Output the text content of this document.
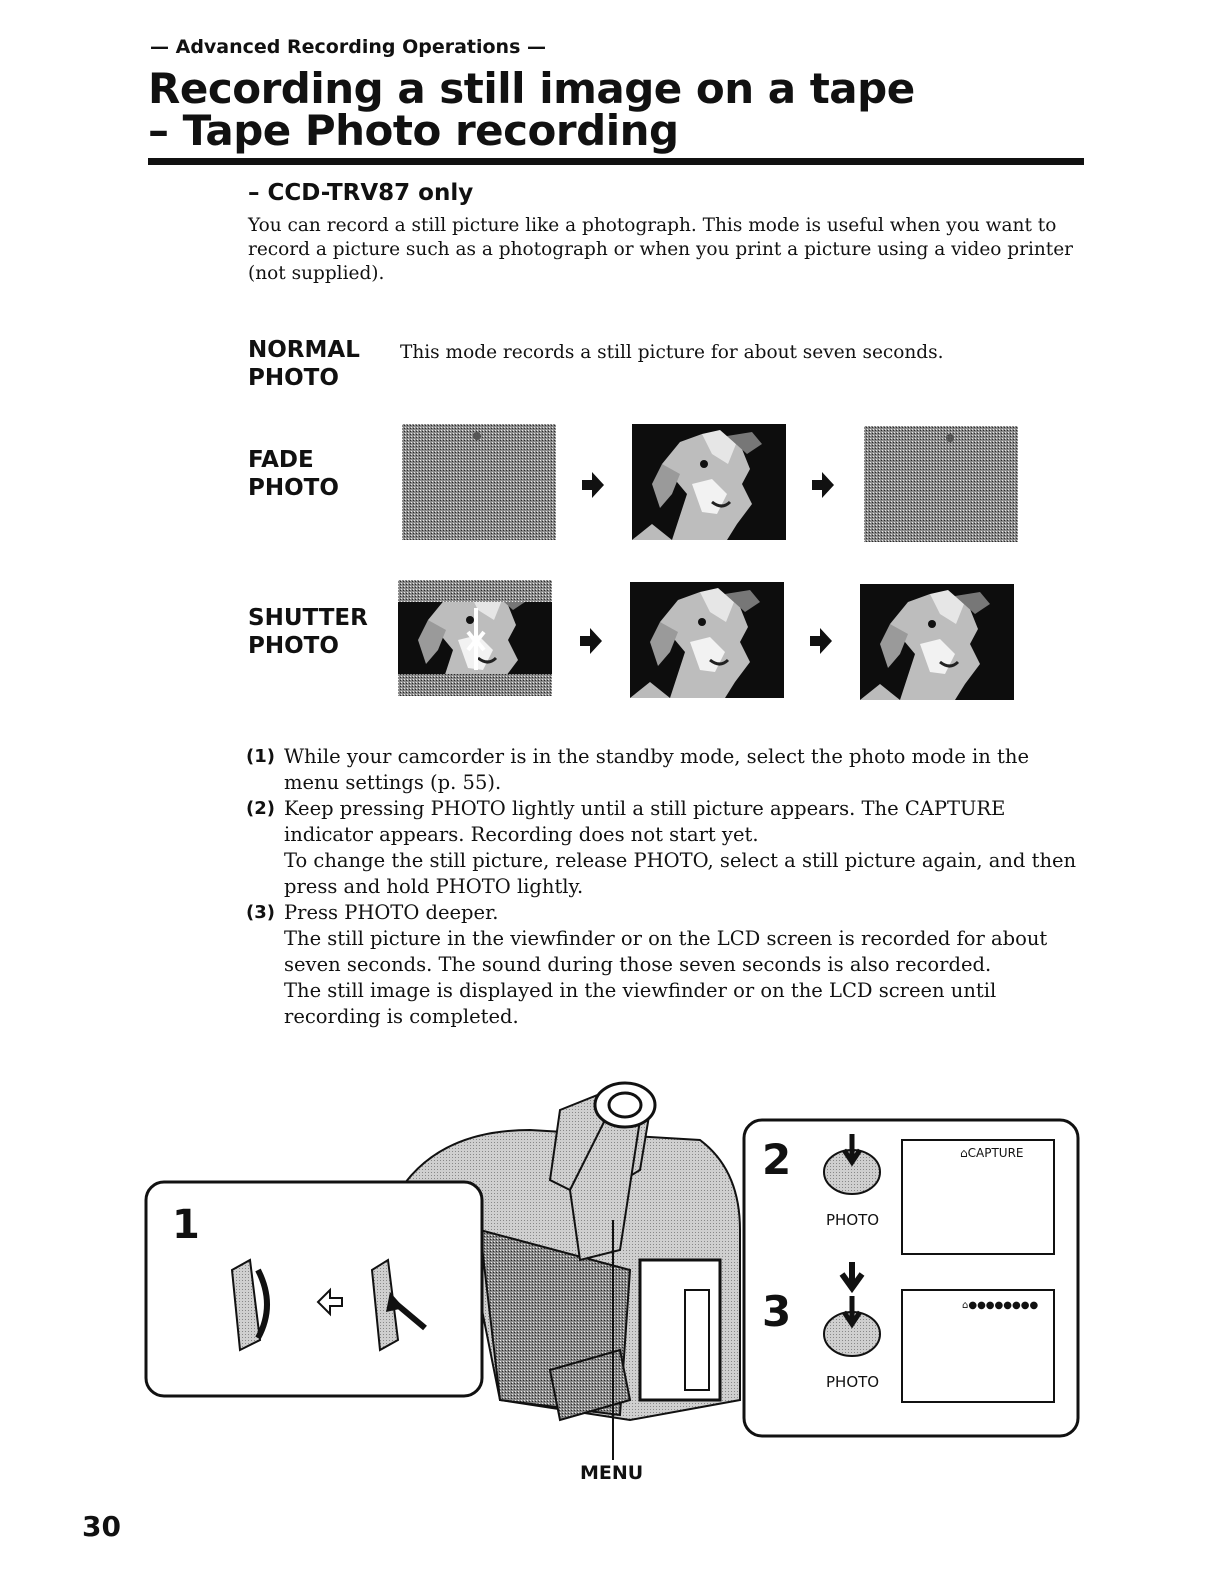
— Advanced Recording Operations —
Recording a still image on a tape
– Tape Photo recording
– CCD-TRV87 only
You can record a still picture like a photograph. This mode is useful when you want to record a picture such as a photograph or when you print a picture using a video printer (not supplied).
NORMAL
PHOTO
This mode records a still picture for about seven seconds.
FADE
PHOTO
SHUTTER
PHOTO
(1) While your camcorder is in the standby mode, select the photo mode in the menu settings (p. 55).

(2) Keep pressing PHOTO lightly until a still picture appears. The CAPTURE indicator appears. Recording does not start yet.

To change the still picture, release PHOTO, select a still picture again, and then press and hold PHOTO lightly.

(3) Press PHOTO deeper.

The still picture in the viewfinder or on the LCD screen is recorded for about seven seconds. The sound during those seven seconds is also recorded.

The still image is displayed in the viewfinder or on the LCD screen until recording is completed.

1
2
PHOTO
⌂CAPTURE
3
PHOTO
⌂●●●●●●●●
MENU
30
